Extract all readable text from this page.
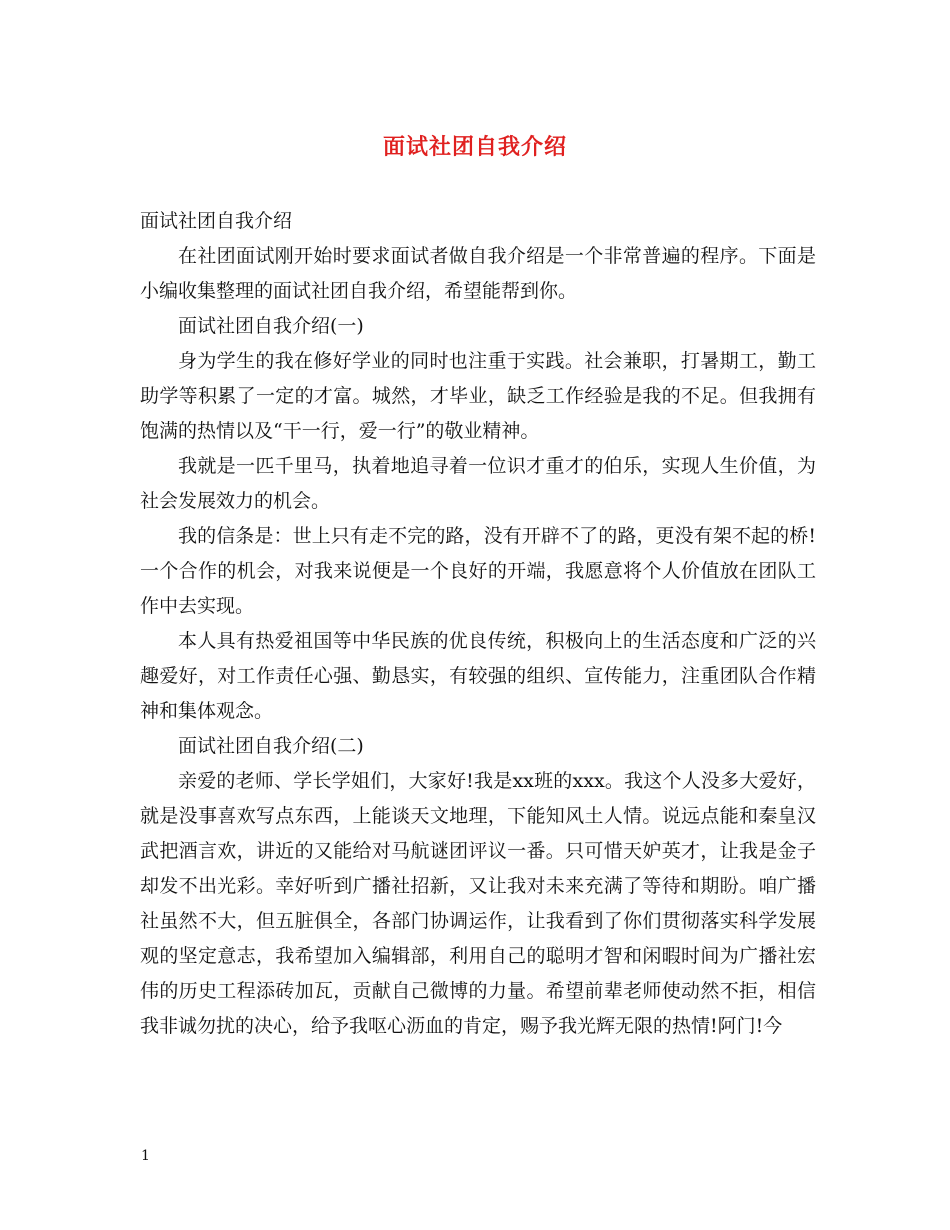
面试社团自我介绍

面试社团自我介绍

在社团面试刚开始时要求面试者做自我介绍是一个非常普遍的程序。下面是小编收集整理的面试社团自我介绍，希望能帮到你。

面试社团自我介绍(一)

身为学生的我在修好学业的同时也注重于实践。社会兼职，打暑期工，勤工助学等积累了一定的才富。城然，才毕业，缺乏工作经验是我的不足。但我拥有饱满的热情以及“干一行，爱一行”的敬业精神。

我就是一匹千里马，执着地追寻着一位识才重才的伯乐，实现人生价值，为社会发展效力的机会。

我的信条是：世上只有走不完的路，没有开辟不了的路，更没有架不起的桥!一个合作的机会，对我来说便是一个良好的开端，我愿意将个人价值放在团队工作中去实现。

本人具有热爱祖国等中华民族的优良传统，积极向上的生活态度和广泛的兴趣爱好，对工作责任心强、勤恳实，有较强的组织、宣传能力，注重团队合作精神和集体观念。

面试社团自我介绍(二)

亲爱的老师、学长学姐们，大家好!我是xx班的xxx。我这个人没多大爱好，就是没事喜欢写点东西，上能谈天文地理，下能知风土人情。说远点能和秦皇汉武把酒言欢，讲近的又能给对马航谜团评议一番。只可惜天妒英才，让我是金子却发不出光彩。幸好听到广播社招新，又让我对未来充满了等待和期盼。咱广播社虽然不大，但五脏俱全，各部门协调运作，让我看到了你们贯彻落实科学发展观的坚定意志，我希望加入编辑部，利用自己的聪明才智和闲暇时间为广播社宏伟的历史工程添砖加瓦，贡献自己微博的力量。希望前辈老师使动然不拒，相信我非诚勿扰的决心，给予我呕心沥血的肯定，赐予我光辉无限的热情!阿门!今

1
